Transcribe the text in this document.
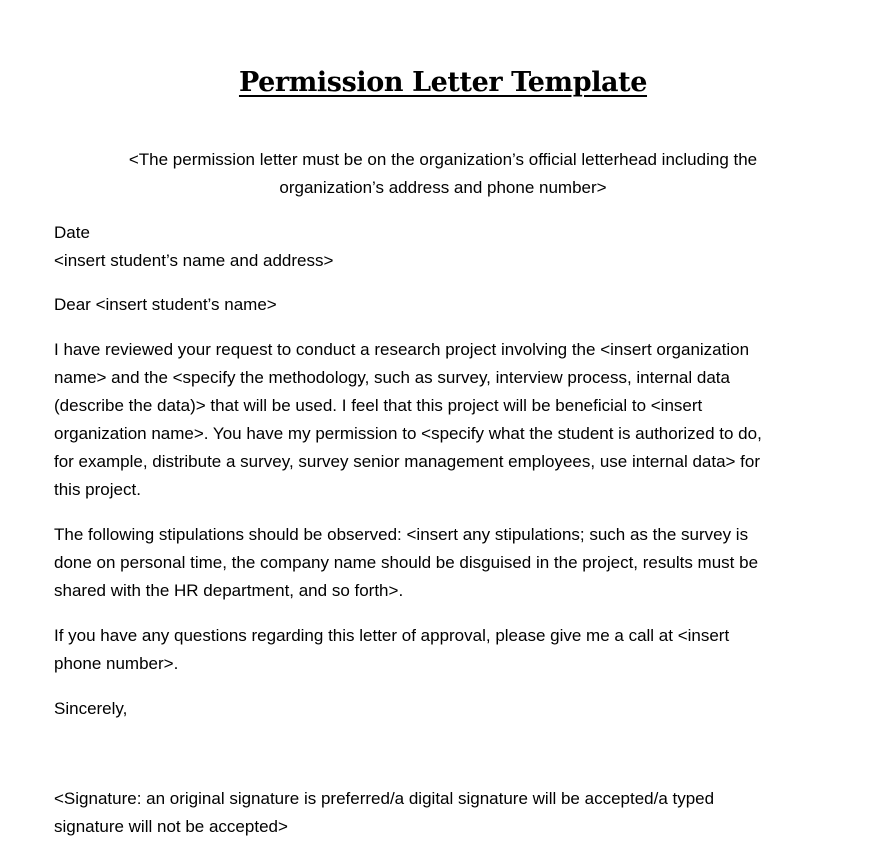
Permission Letter Template

<The permission letter must be on the organization’s official letterhead including the
organization’s address and phone number>

Date
<insert student’s name and address>
Dear <insert student’s name>
I have reviewed your request to conduct a research project involving the <insert organization
name> and the <specify the methodology, such as survey, interview process, internal data
(describe the data)> that will be used. I feel that this project will be beneficial to <insert
organization name>. You have my permission to <specify what the student is authorized to do,
for example, distribute a survey, survey senior management employees, use internal data> for
this project.
The following stipulations should be observed: <insert any stipulations; such as the survey is
done on personal time, the company name should be disguised in the project, results must be
shared with the HR department, and so forth>.
If you have any questions regarding this letter of approval, please give me a call at <insert
phone number>.
Sincerely,
<Signature: an original signature is preferred/a digital signature will be accepted/a typed
signature will not be accepted>
